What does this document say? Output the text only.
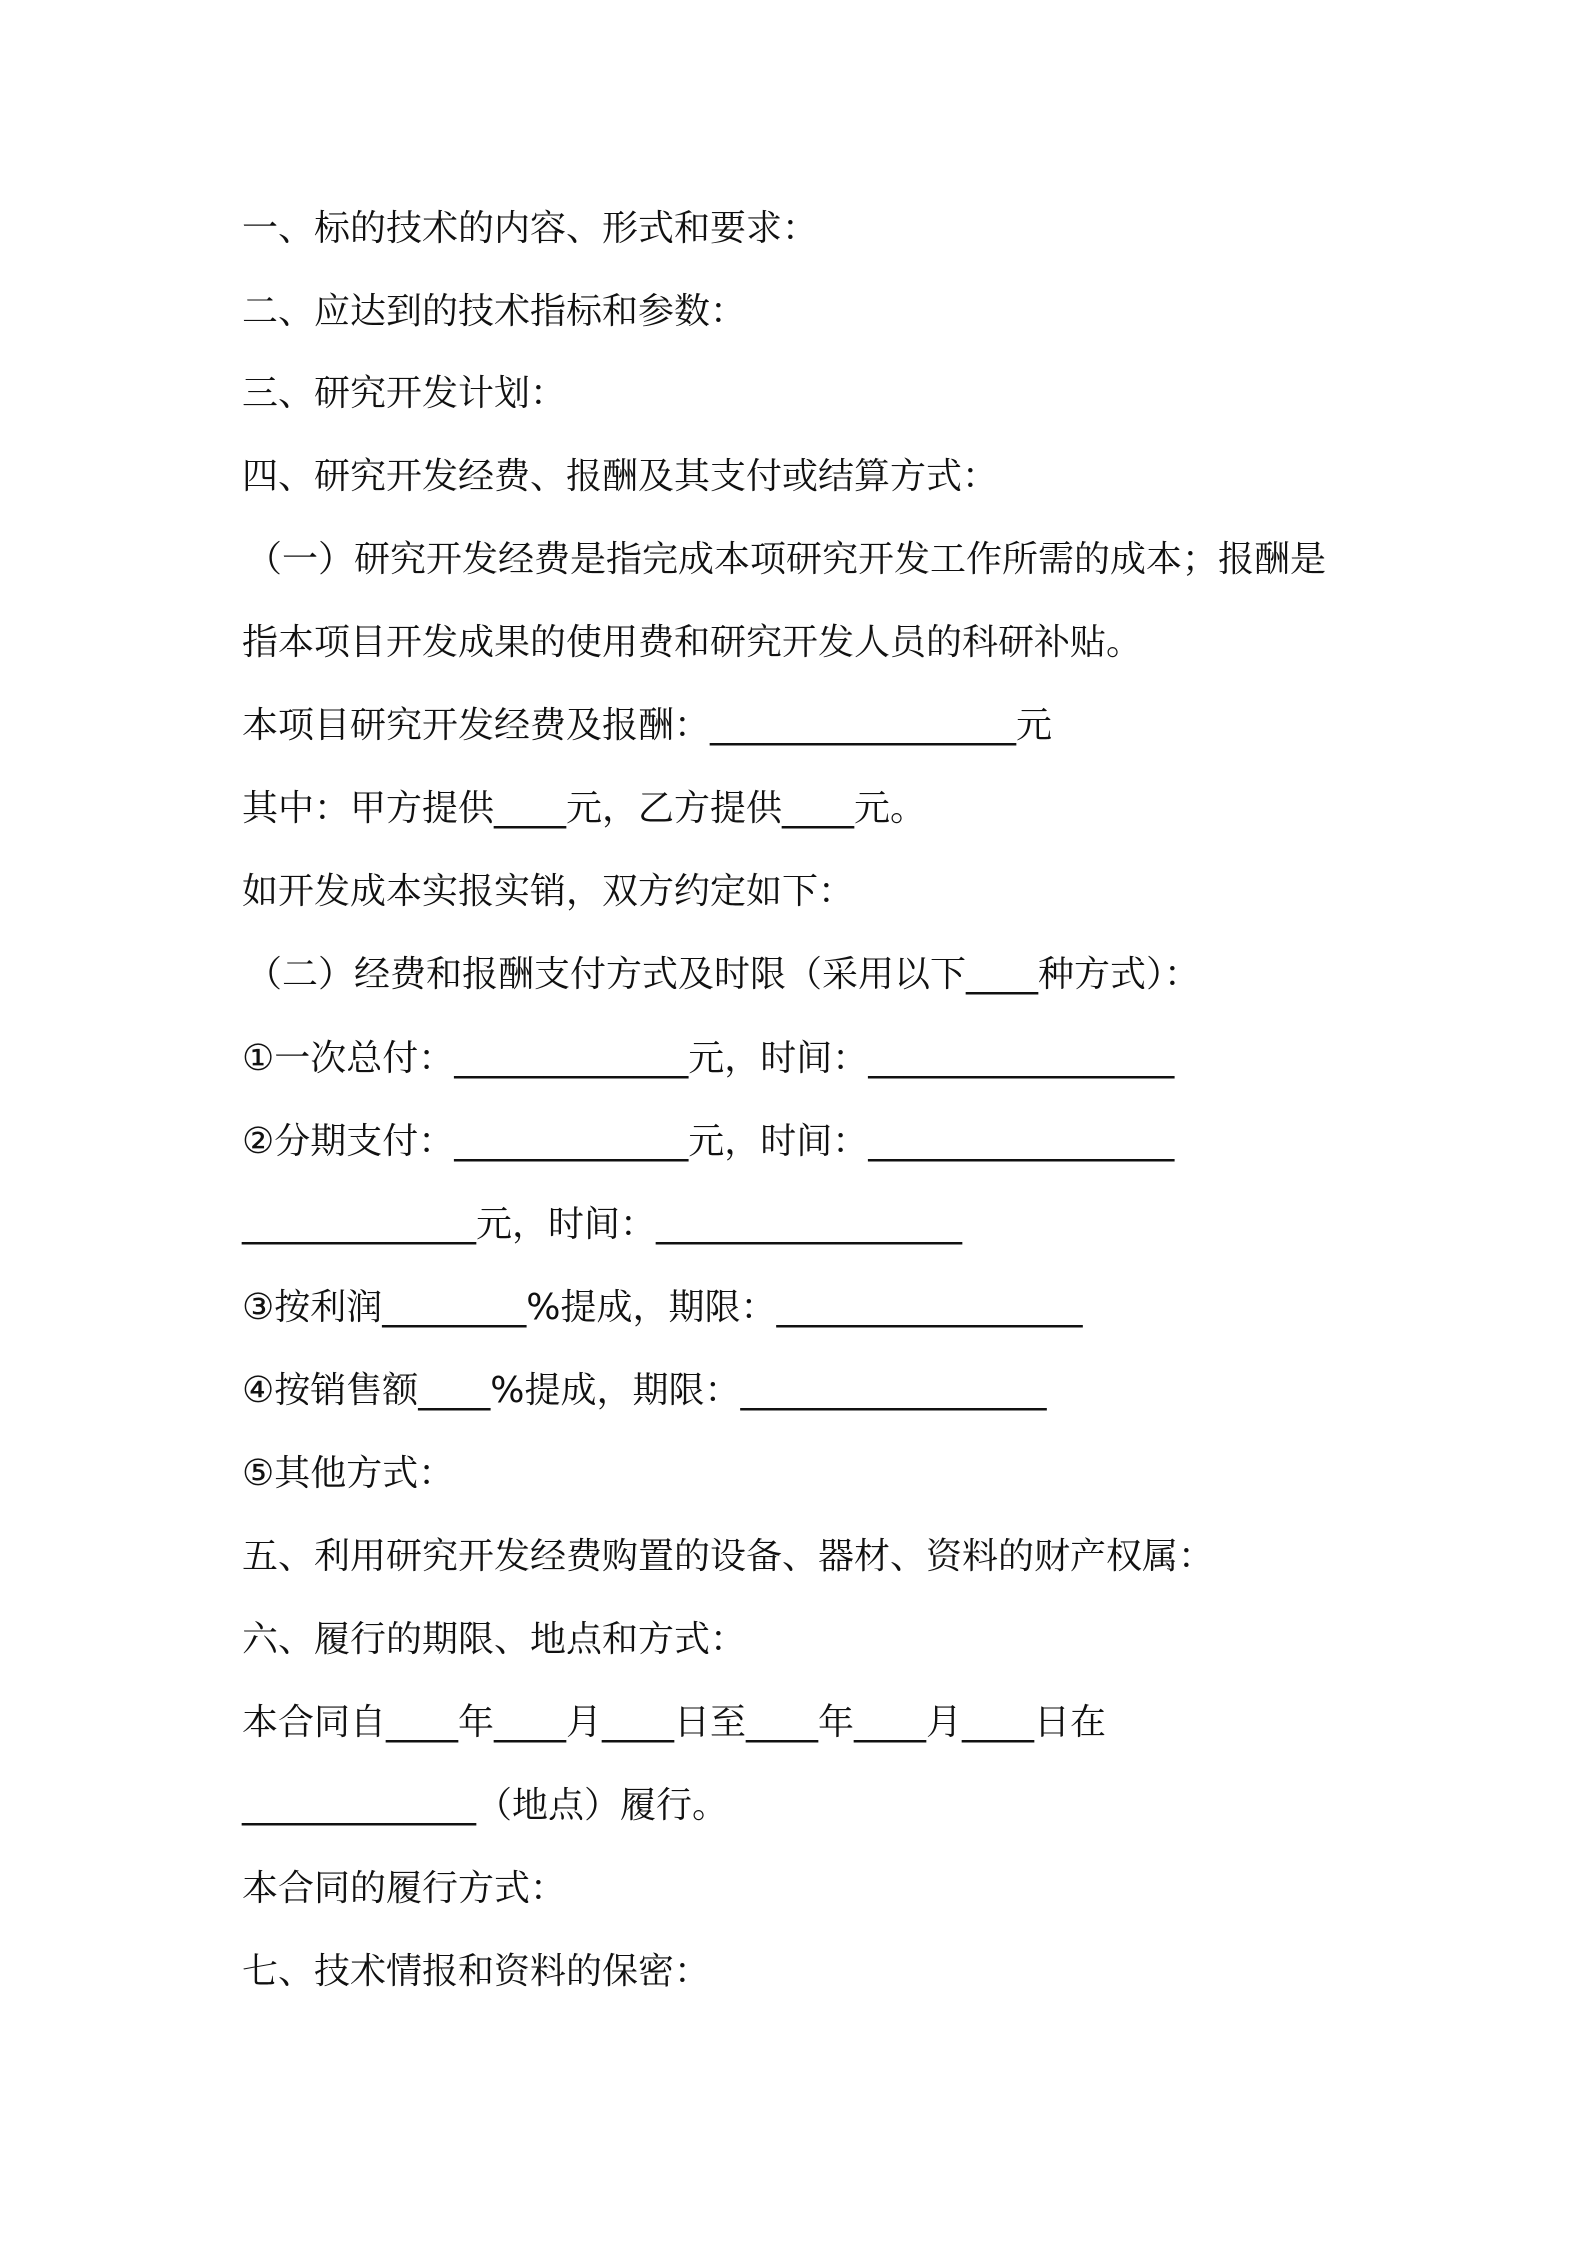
一、标的技术的内容、形式和要求：

二、应达到的技术指标和参数：

三、研究开发计划：

四、研究开发经费、报酬及其支付或结算方式：

（一）研究开发经费是指完成本项研究开发工作所需的成本；报酬是

指本项目开发成果的使用费和研究开发人员的科研补贴。

本项目研究开发经费及报酬：_________________元

其中：甲方提供____元，乙方提供____元。

如开发成本实报实销，双方约定如下：

（二）经费和报酬支付方式及时限（采用以下____种方式）：

①一次总付：_____________元，时间：_________________

②分期支付：_____________元，时间：_________________

_____________元，时间：_________________

③按利润________%提成，期限：_________________

④按销售额____%提成，期限：_________________

⑤其他方式：

五、利用研究开发经费购置的设备、器材、资料的财产权属：

六、履行的期限、地点和方式：

本合同自____年____月____日至____年____月____日在

_____________（地点）履行。

本合同的履行方式：

七、技术情报和资料的保密：
